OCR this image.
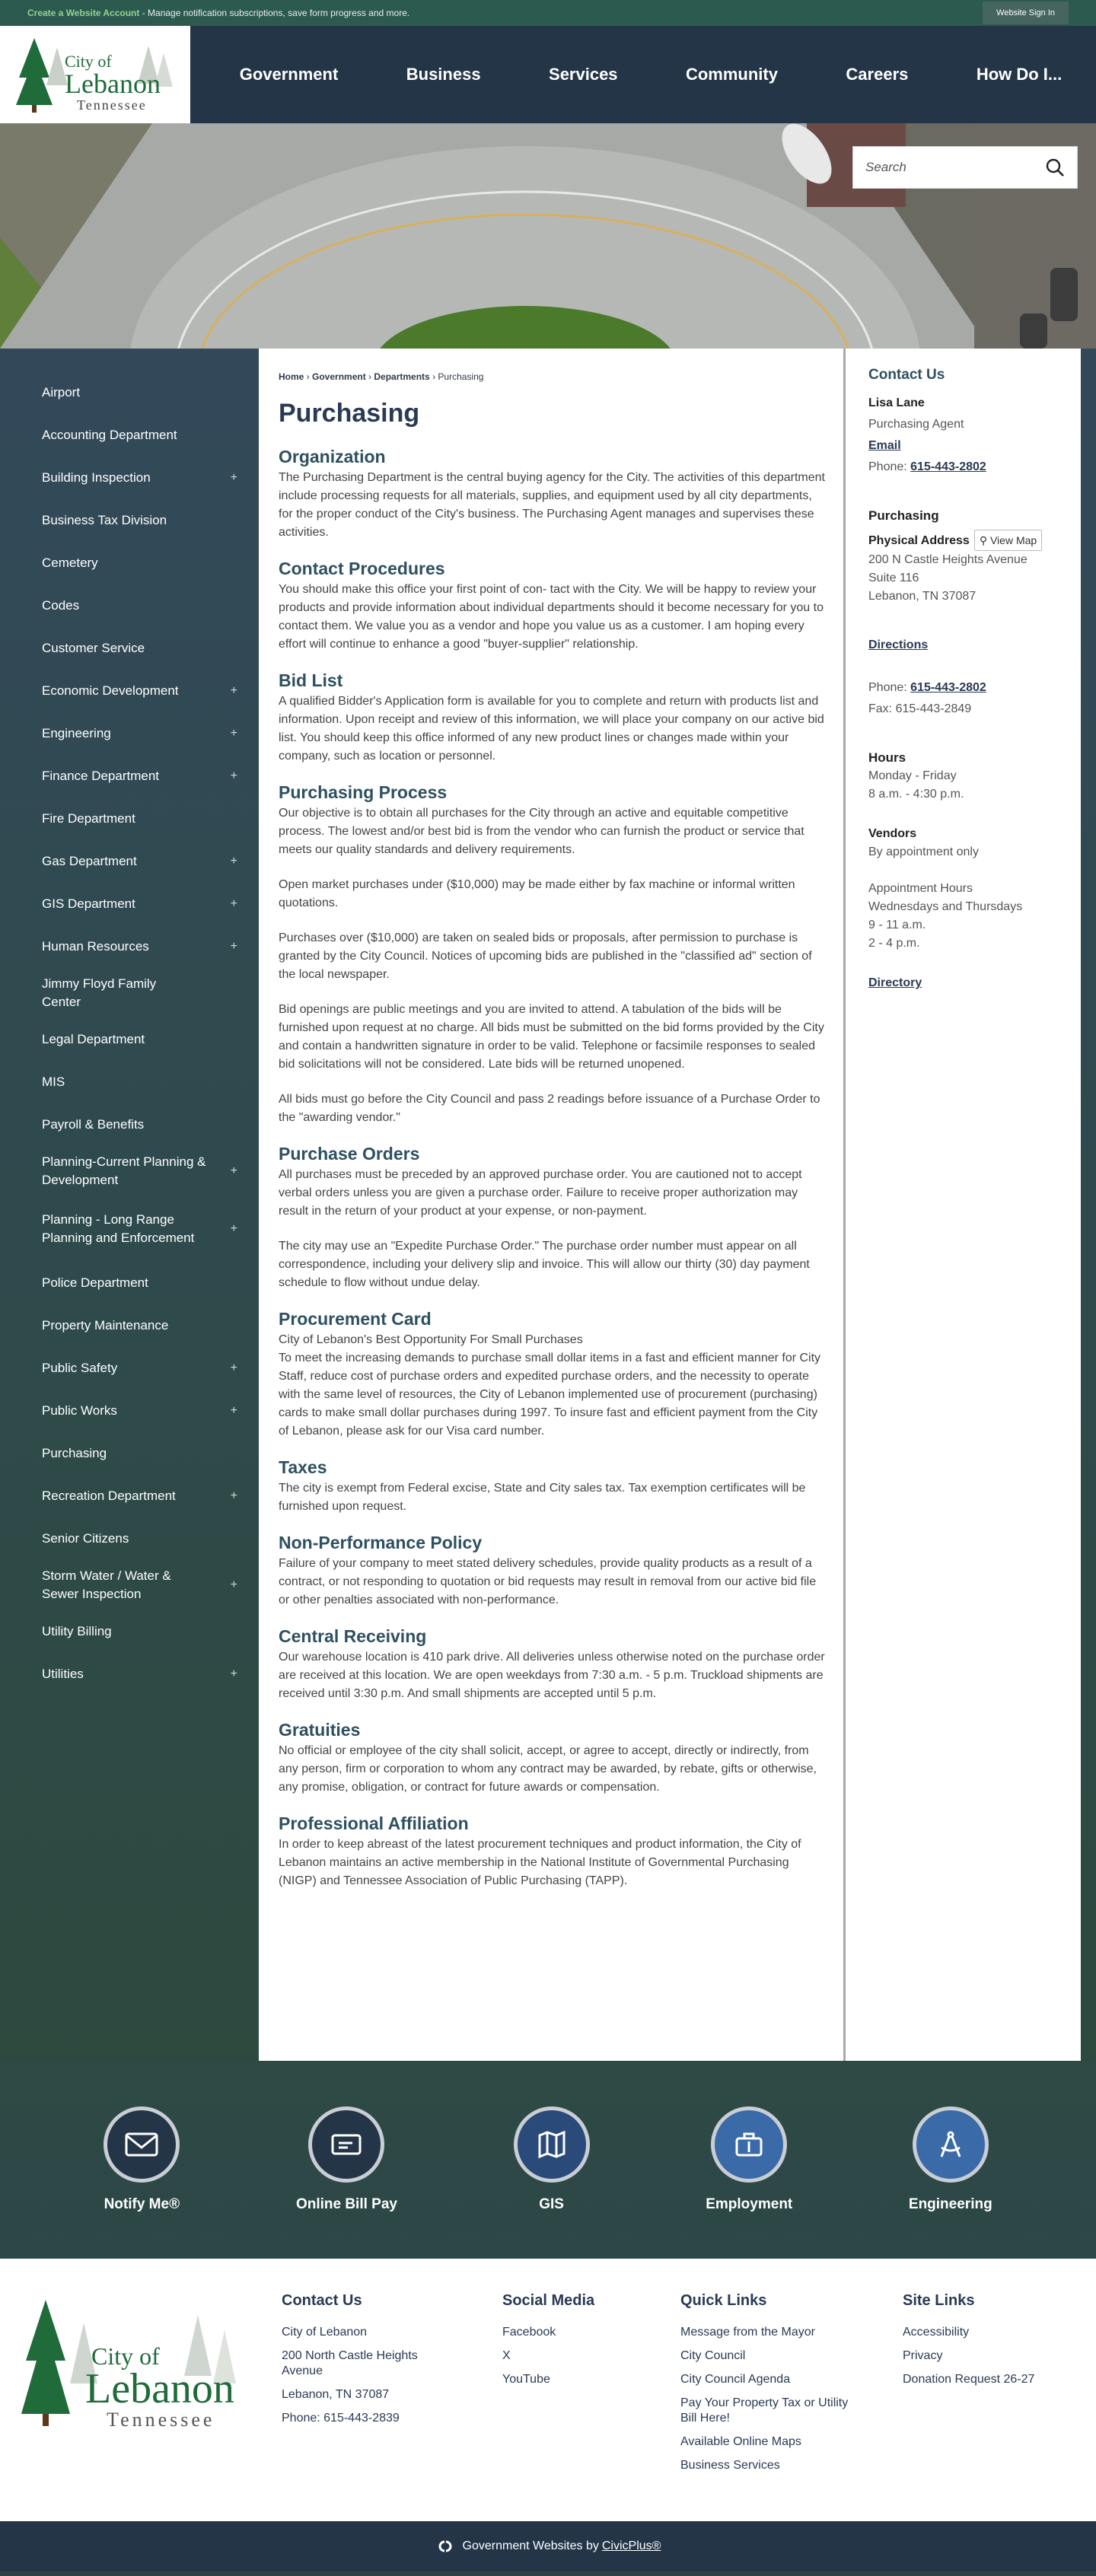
Create a Website Account - Manage notification subscriptions, save form progress and more.	Website Sign In
City of
Lebanon
Tennessee
Government	Business	Services	Community	Careers	How Do I...
Search
Airport
Accounting Department
Building Inspection	+
Business Tax Division
Cemetery
Codes
Customer Service
Economic Development	+
Engineering	+
Finance Department	+
Fire Department
Gas Department	+
GIS Department	+
Human Resources	+
Jimmy Floyd Family Center
Legal Department
MIS
Payroll & Benefits
Planning-Current Planning & Development
+
Planning - Long Range Planning and Enforcement
+
Police Department
Property Maintenance
Public Safety	+
Public Works	+
Purchasing
Recreation Department	+
Senior Citizens
Storm Water / Water & Sewer Inspection
+
Utility Billing
Utilities	+
Home › Government › Departments › Purchasing
Purchasing
Organization

The Purchasing Department is the central buying agency for the City. The activities of this department include processing requests for all materials, supplies, and equipment used by all city departments, for the proper conduct of the City's business. The Purchasing Agent manages and supervises these activities.

Contact Procedures

You should make this office your first point of con- tact with the City. We will be happy to review your products and provide information about individual departments should it become necessary for you to contact them. We value you as a vendor and hope you value us as a customer. I am hoping every effort will continue to enhance a good "buyer-supplier" relationship.

Bid List

A qualified Bidder's Application form is available for you to complete and return with products list and information. Upon receipt and review of this information, we will place your company on our active bid list. You should keep this office informed of any new product lines or changes made within your company, such as location or personnel.

Purchasing Process

Our objective is to obtain all purchases for the City through an active and equitable competitive process. The lowest and/or best bid is from the vendor who can furnish the product or service that meets our quality standards and delivery requirements.

Open market purchases under ($10,000) may be made either by fax machine or informal written quotations.

Purchases over ($10,000) are taken on sealed bids or proposals, after permission to purchase is granted by the City Council. Notices of upcoming bids are published in the "classified ad" section of the local newspaper.

Bid openings are public meetings and you are invited to attend. A tabulation of the bids will be furnished upon request at no charge. All bids must be submitted on the bid forms provided by the City and contain a handwritten signature in order to be valid. Telephone or facsimile responses to sealed bid solicitations will not be considered. Late bids will be returned unopened.

All bids must go before the City Council and pass 2 readings before issuance of a Purchase Order to the "awarding vendor."

Purchase Orders

All purchases must be preceded by an approved purchase order. You are cautioned not to accept verbal orders unless you are given a purchase order. Failure to receive proper authorization may result in the return of your product at your expense, or non-payment.

The city may use an "Expedite Purchase Order." The purchase order number must appear on all correspondence, including your delivery slip and invoice. This will allow our thirty (30) day payment schedule to flow without undue delay.

Procurement Card

City of Lebanon's Best Opportunity For Small Purchases
To meet the increasing demands to purchase small dollar items in a fast and efficient manner for City Staff, reduce cost of purchase orders and expedited purchase orders, and the necessity to operate with the same level of resources, the City of Lebanon implemented use of procurement (purchasing) cards to make small dollar purchases during 1997. To insure fast and efficient payment from the City of Lebanon, please ask for our Visa card number.

Taxes

The city is exempt from Federal excise, State and City sales tax. Tax exemption certificates will be furnished upon request.

Non-Performance Policy

Failure of your company to meet stated delivery schedules, provide quality products as a result of a contract, or not responding to quotation or bid requests may result in removal from our active bid file or other penalties associated with non-performance.

Central Receiving

Our warehouse location is 410 park drive. All deliveries unless otherwise noted on the purchase order are received at this location. We are open weekdays from 7:30 a.m. - 5 p.m. Truckload shipments are received until 3:30 p.m. And small shipments are accepted until 5 p.m.

Gratuities

No official or employee of the city shall solicit, accept, or agree to accept, directly or indirectly, from any person, firm or corporation to whom any contract may be awarded, by rebate, gifts or otherwise, any promise, obligation, or contract for future awards or compensation.

Professional Affiliation

In order to keep abreast of the latest procurement techniques and product information, the City of Lebanon maintains an active membership in the National Institute of Governmental Purchasing (NIGP) and Tennessee Association of Public Purchasing (TAPP).

Contact Us
Lisa Lane
Purchasing Agent
Email
Phone: 615-443-2802
Purchasing
Physical Address ⚲ View Map
200 N Castle Heights Avenue
Suite 116
Lebanon, TN 37087
Directions
Phone: 615-443-2802
Fax: 615-443-2849
Hours
Monday - Friday
8 a.m. - 4:30 p.m.
Vendors
By appointment only
Appointment Hours
Wednesdays and Thursdays
9 - 11 a.m.
2 - 4 p.m.
Directory
Notify Me®	Online Bill Pay	GIS	Employment	Engineering
City of
Lebanon
Tennessee
Contact Us
City of Lebanon
200 North Castle Heights Avenue
Lebanon, TN 37087
Phone: 615-443-2839
Social Media
Facebook
X
YouTube
Quick Links
Message from the Mayor
City Council
City Council Agenda
Pay Your Property Tax or Utility Bill Here!
Available Online Maps
Business Services
Site Links
Accessibility
Privacy
Donation Request 26-27
Government Websites by CivicPlus®
